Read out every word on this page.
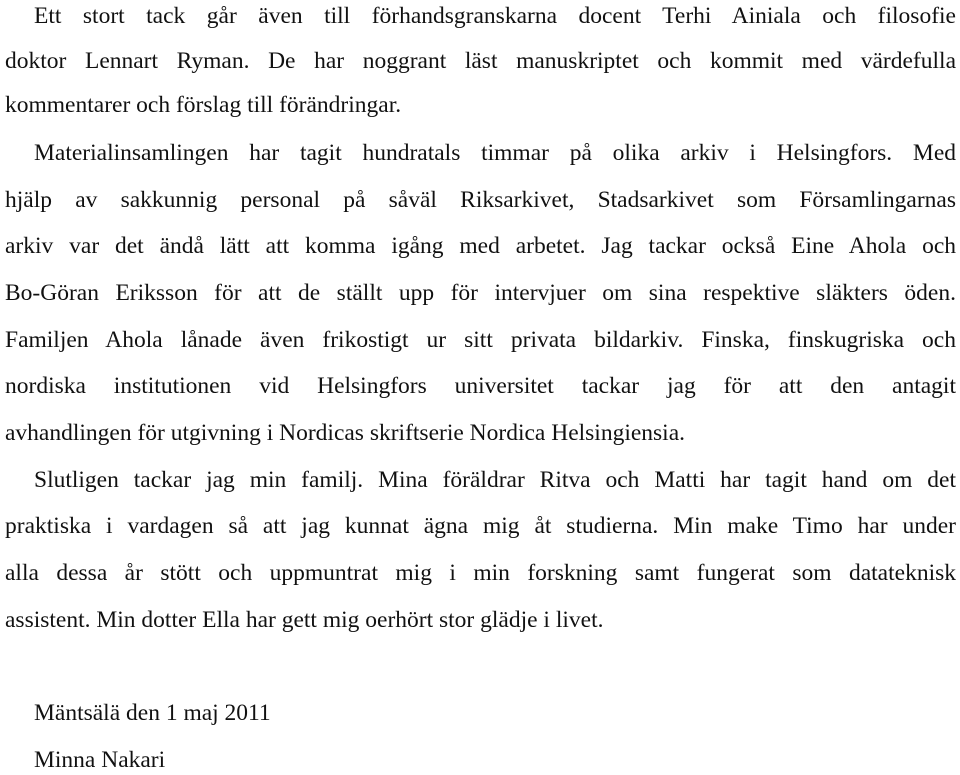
Ett stort tack går även till förhandsgranskarna docent Terhi Ainiala och filosofie
doktor Lennart Ryman. De har noggrant läst manuskriptet och kommit med värdefulla
kommentarer och förslag till förändringar.
Materialinsamlingen har tagit hundratals timmar på olika arkiv i Helsingfors. Med
hjälp av sakkunnig personal på såväl Riksarkivet, Stadsarkivet som Församlingarnas
arkiv var det ändå lätt att komma igång med arbetet. Jag tackar också Eine Ahola och
Bo-Göran Eriksson för att de ställt upp för intervjuer om sina respektive släkters öden.
Familjen Ahola lånade även frikostigt ur sitt privata bildarkiv. Finska, finskugriska och
nordiska institutionen vid Helsingfors universitet tackar jag för att den antagit
avhandlingen för utgivning i Nordicas skriftserie Nordica Helsingiensia.
Slutligen tackar jag min familj. Mina föräldrar Ritva och Matti har tagit hand om det
praktiska i vardagen så att jag kunnat ägna mig åt studierna. Min make Timo har under
alla dessa år stött och uppmuntrat mig i min forskning samt fungerat som datateknisk
assistent. Min dotter Ella har gett mig oerhört stor glädje i livet.
Mäntsälä den 1 maj 2011
Minna Nakari
